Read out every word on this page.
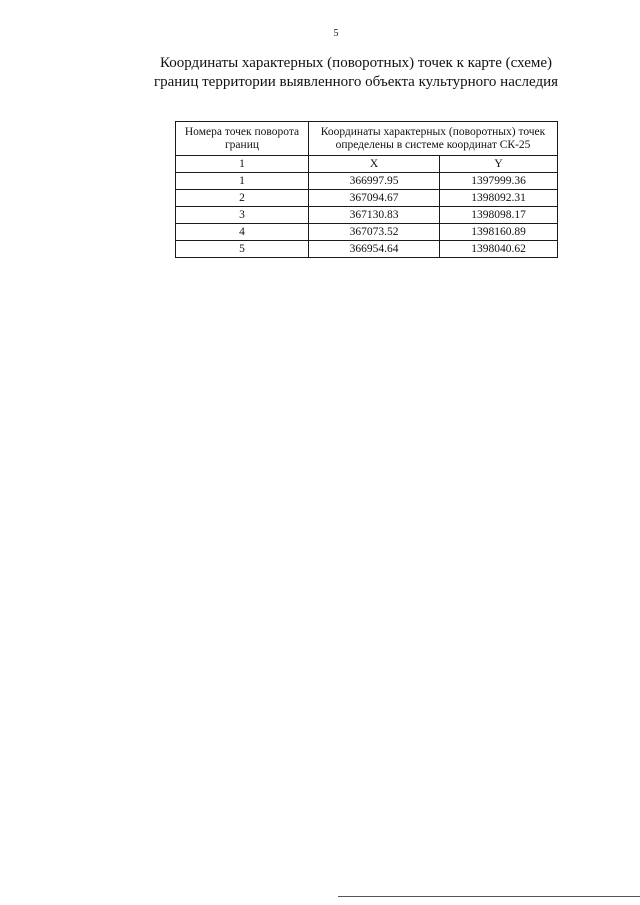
5
Координаты характерных (поворотных) точек к карте (схеме)
границ территории выявленного объекта культурного наследия
Номера точек поворота границ	Координаты характерных (поворотных) точек определены в системе координат СК-25	
1	X	Y
1	366997.95	1397999.36
2	367094.67	1398092.31
3	367130.83	1398098.17
4	367073.52	1398160.89
5	366954.64	1398040.62
